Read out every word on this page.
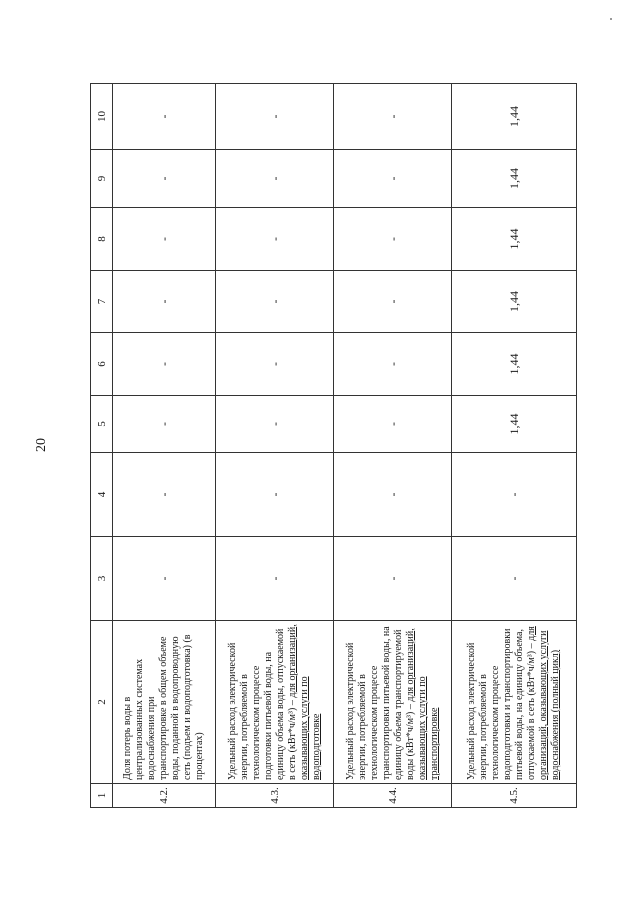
20
1	2	3	4	5	6	7	8	9	10
4.2.	Доля потерь воды в централизованных системах водоснабжения при транспортировке в общем объеме воды, поданной в водопроводную сеть (подъем и водоподготовка) (в процентах)	-	-	-	-	-	-	-	-
4.3.	Удельный расход электрической энергии, потребляемой в технологическом процессе подготовки питьевой воды, на единицу объема воды, отпускаемой в сеть (кВт*ч/м³) – для организаций, оказывающих услуги по водоподготовке	-	-	-	-	-	-	-	-
4.4.	Удельный расход электрической энергии, потребляемой в технологическом процессе транспортировки питьевой воды, на единицу объема транспортируемой воды (кВт*ч/м³) – для организаций, оказывающих услуги по транспортировке	-	-	-	-	-	-	-	-
4.5.	Удельный расход электрической энергии, потребляемой в технологическом процессе водоподготовки и транспортировки питьевой воды, на единицу объема, отпускаемой в сеть (кВт*ч/м³) – для организаций, оказывающих услуги водоснабжения (полный цикл)	-	-	1,44	1,44	1,44	1,44	1,44	1,44
